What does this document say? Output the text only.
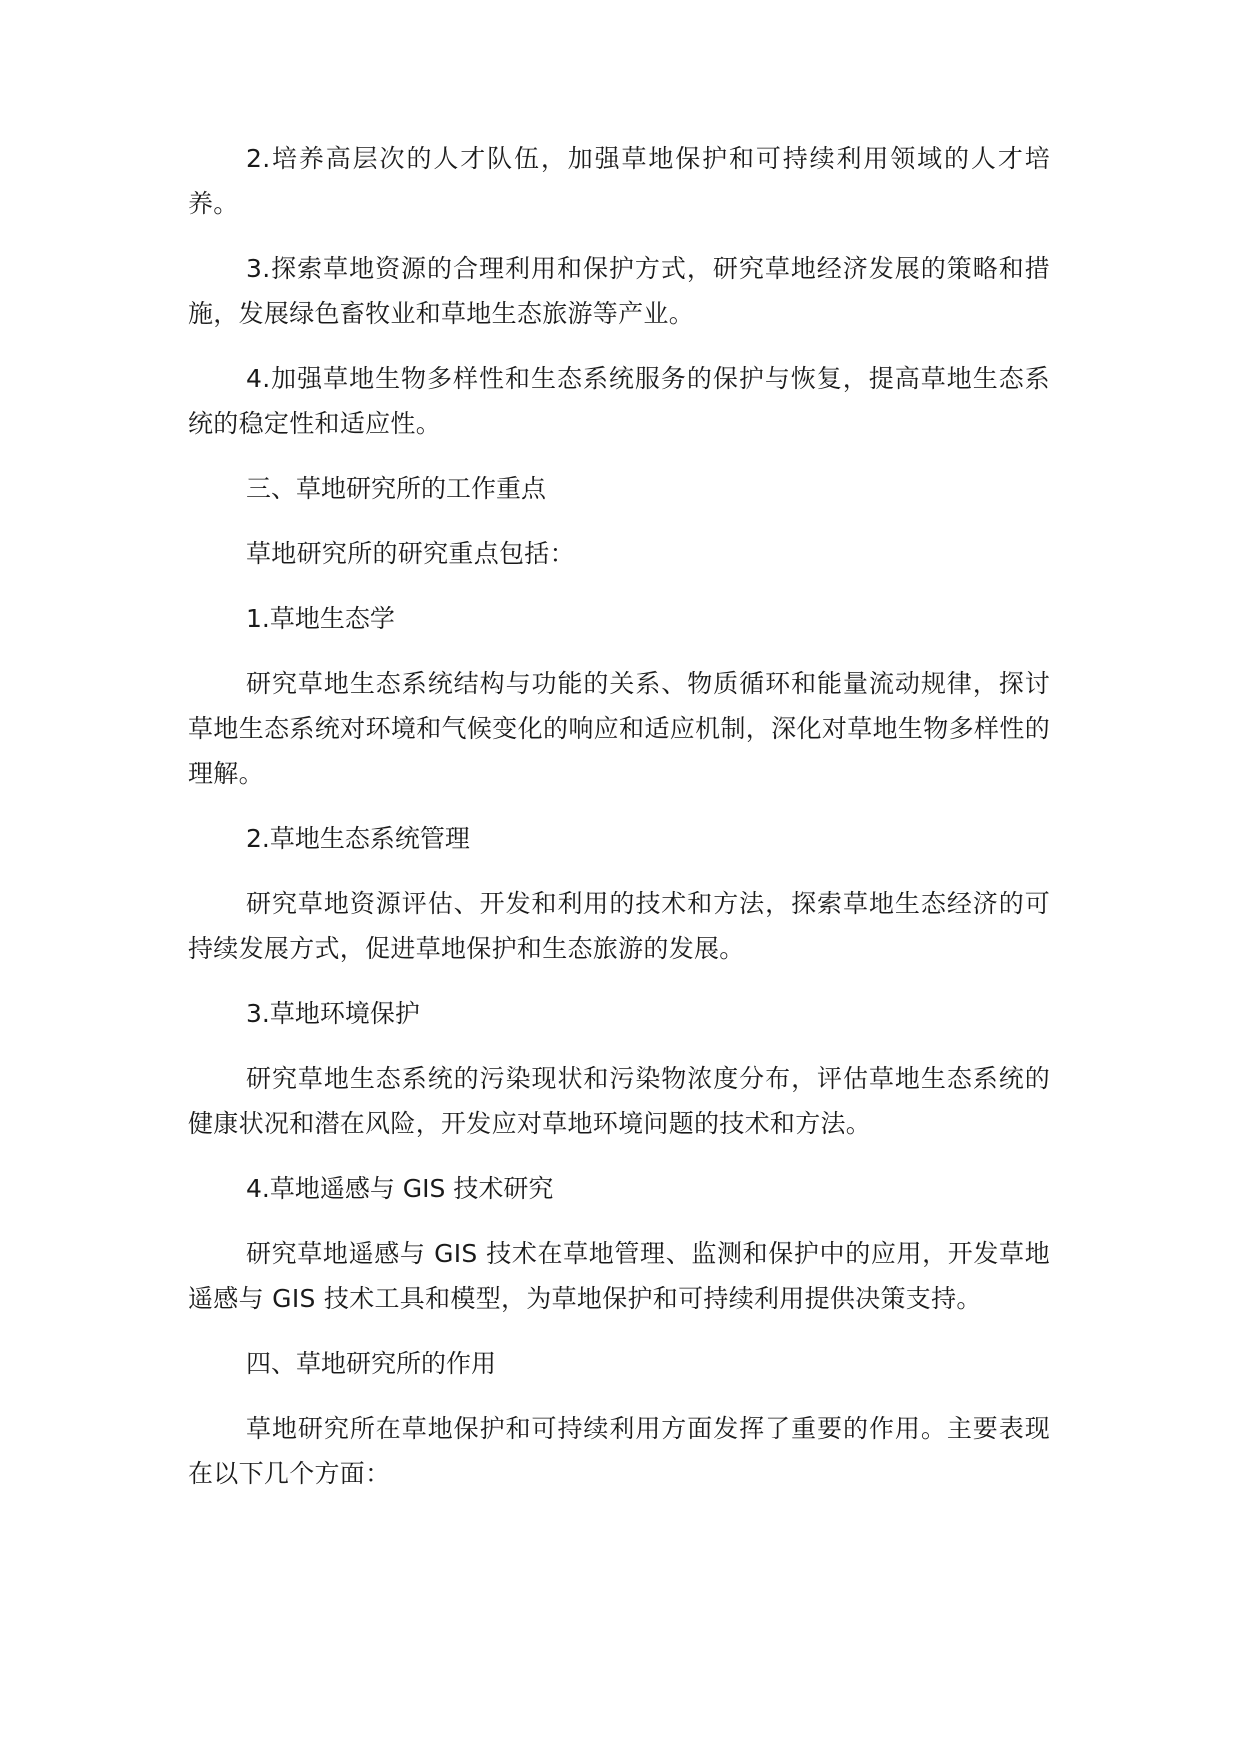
2.培养高层次的人才队伍，加强草地保护和可持续利用领域的人才培养。

3.探索草地资源的合理利用和保护方式，研究草地经济发展的策略和措施，发展绿色畜牧业和草地生态旅游等产业。

4.加强草地生物多样性和生态系统服务的保护与恢复，提高草地生态系统的稳定性和适应性。

三、草地研究所的工作重点

草地研究所的研究重点包括：

1.草地生态学

研究草地生态系统结构与功能的关系、物质循环和能量流动规律，探讨草地生态系统对环境和气候变化的响应和适应机制，深化对草地生物多样性的理解。

2.草地生态系统管理

研究草地资源评估、开发和利用的技术和方法，探索草地生态经济的可持续发展方式，促进草地保护和生态旅游的发展。

3.草地环境保护

研究草地生态系统的污染现状和污染物浓度分布，评估草地生态系统的健康状况和潜在风险，开发应对草地环境问题的技术和方法。

4.草地遥感与 GIS 技术研究

研究草地遥感与 GIS 技术在草地管理、监测和保护中的应用，开发草地遥感与 GIS 技术工具和模型，为草地保护和可持续利用提供决策支持。

四、草地研究所的作用

草地研究所在草地保护和可持续利用方面发挥了重要的作用。主要表现在以下几个方面：
